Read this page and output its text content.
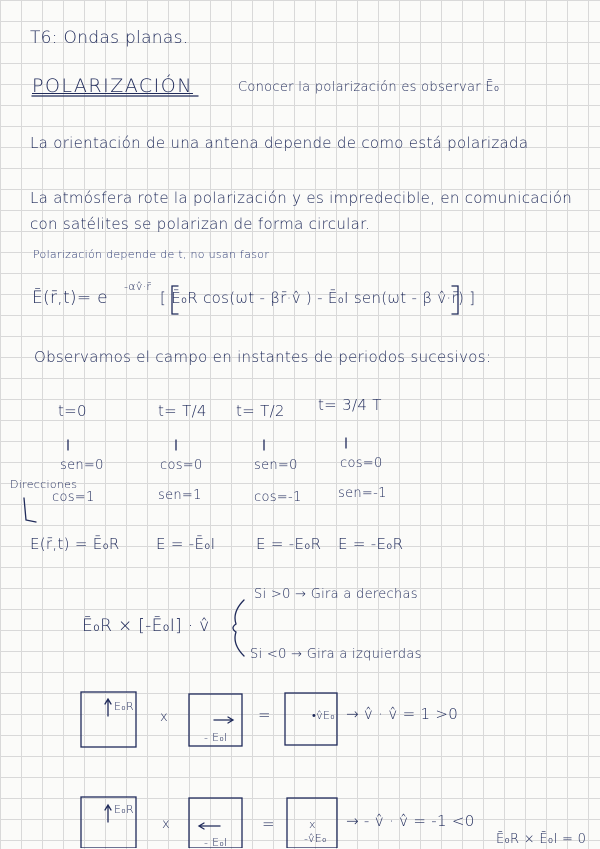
T6: Ondas planas.
POLARIZACIÓN	Conocer la polarización es observar Ē₀
La orientación de una antena depende de como está polarizada
La atmósfera rote la polarización y es impredecible, en comunicación
con satélites se polarizan de forma circular.
Polarización depende de t, no usan fasor
Ē(r̄,t)= e
-αv̂·r̄
[ Ē₀R cos(ωt - βr̄·v̂ ) - Ē₀I sen(ωt - β v̂·r̄) ]
Observamos el campo en instantes de periodos sucesivos:
t=0	t= T/4 t= T/2 t= 3/4 T
sen=0	cos=0	sen=0	cos=0
Direcciones
cos=1	sen=1	cos=-1	sen=-1
E(r̄,t) = Ē₀R E = -Ē₀I	E = -E₀R E = -E₀R
Ē₀R × [-Ē₀I] · v̂
Si >0 → Gira a derechas
Si <0 → Gira a izquierdas
E₀R
x
- E₀I
=	•v̂E₀ → v̂ · v̂ = 1 >0
E₀R
x
- E₀I
=	x
-v̂E₀
→ - v̂ · v̂ = -1 <0
Ē₀R × Ē₀I = 0
